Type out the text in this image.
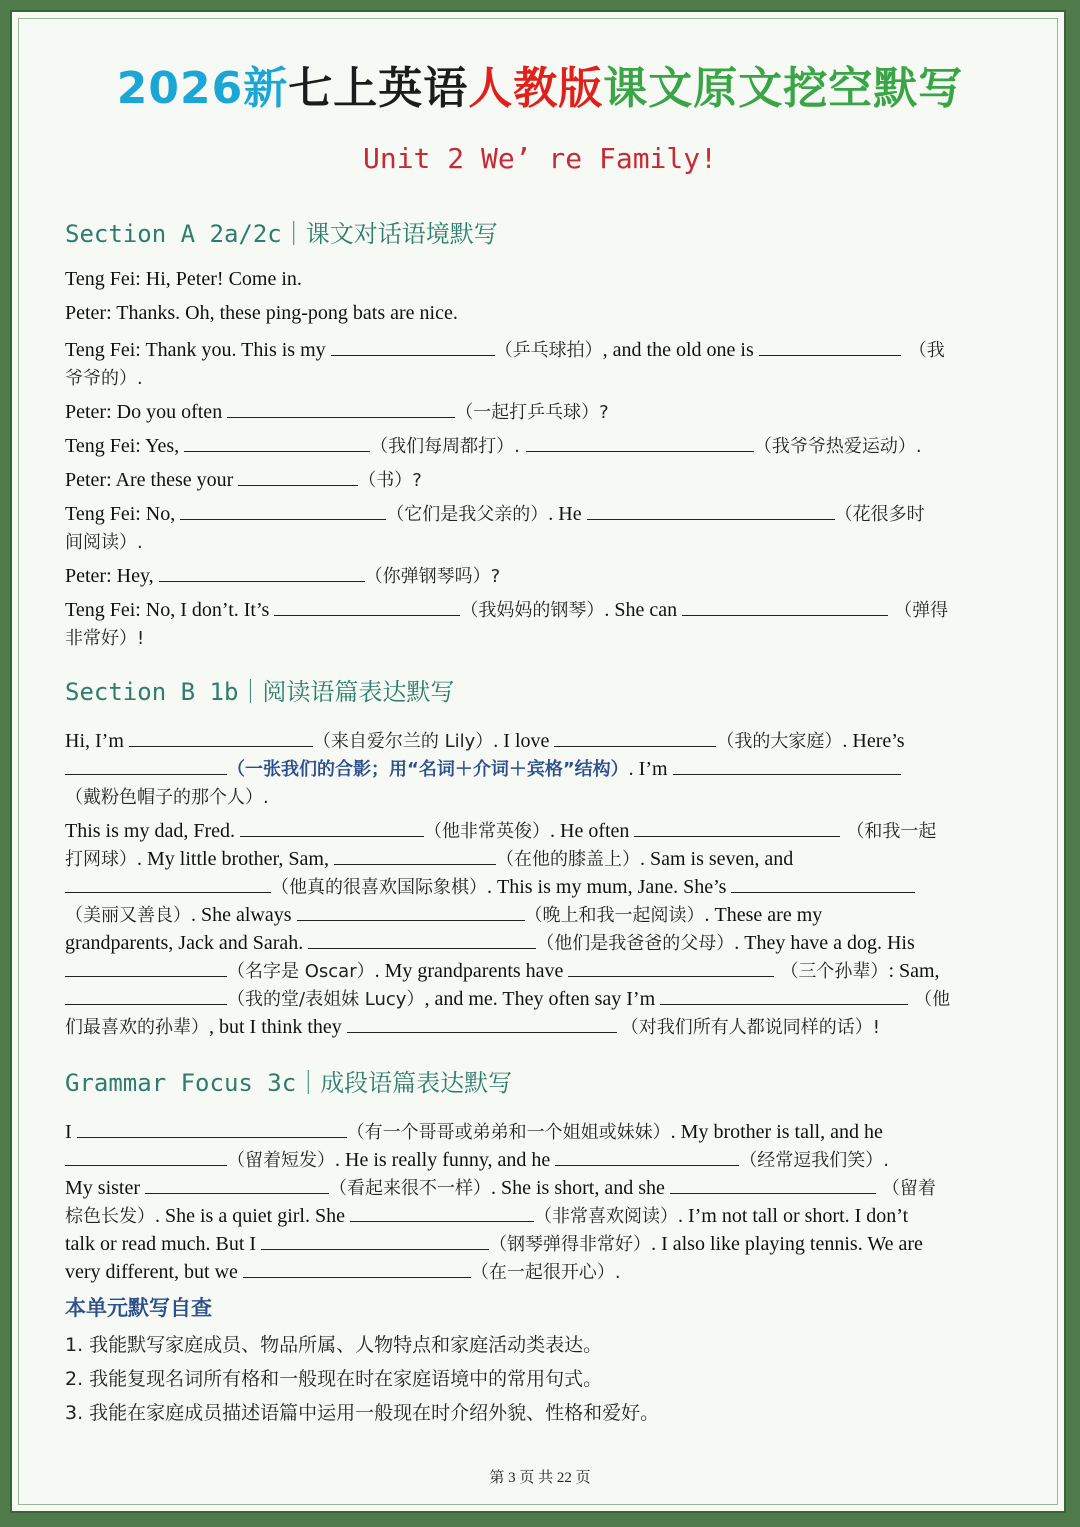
2026新七上英语人教版课文原文挖空默写
Unit 2 We’ re Family!
Section A 2a/2c｜课文对话语境默写
Teng Fei: Hi, Peter! Come in.
Peter: Thanks. Oh, these ping-pong bats are nice.
Teng Fei: Thank you. This is my	（乒乓球拍）, and the old one is	（我
爷爷的）.
Peter: Do you often	（一起打乒乓球）?
Teng Fei: Yes,	（我们每周都打）.	（我爷爷热爱运动）.
Peter: Are these your	（书）?
Teng Fei: No,	（它们是我父亲的）. He	（花很多时
间阅读）.
Peter: Hey,	（你弹钢琴吗）?
Teng Fei: No, I don’t. It’s	（我妈妈的钢琴）. She can	（弹得
非常好）!
Section B 1b｜阅读语篇表达默写
Hi, I’m	（来自爱尔兰的 Lily）. I love	（我的大家庭）. Here’s
（一张我们的合影；用“名词＋介词＋宾格”结构）. I’m
（戴粉色帽子的那个人）.
This is my dad, Fred.	（他非常英俊）. He often	（和我一起
打网球）. My little brother, Sam,	（在他的膝盖上）. Sam is seven, and
（他真的很喜欢国际象棋）. This is my mum, Jane. She’s
（美丽又善良）. She always	（晚上和我一起阅读）. These are my
grandparents, Jack and Sarah.	（他们是我爸爸的父母）. They have a dog. His
（名字是 Oscar）. My grandparents have	（三个孙辈）: Sam,
（我的堂/表姐妹 Lucy）, and me. They often say I’m	（他
们最喜欢的孙辈）, but I think they	（对我们所有人都说同样的话）!
Grammar Focus 3c｜成段语篇表达默写
I	（有一个哥哥或弟弟和一个姐姐或妹妹）. My brother is tall, and he
（留着短发）. He is really funny, and he	（经常逗我们笑）.
My sister	（看起来很不一样）. She is short, and she	（留着
棕色长发）. She is a quiet girl. She	（非常喜欢阅读）. I’m not tall or short. I don’t
talk or read much. But I	（钢琴弹得非常好）. I also like playing tennis. We are
very different, but we	（在一起很开心）.
本单元默写自查
1. 我能默写家庭成员、物品所属、人物特点和家庭活动类表达。
2. 我能复现名词所有格和一般现在时在家庭语境中的常用句式。
3. 我能在家庭成员描述语篇中运用一般现在时介绍外貌、性格和爱好。
第 3 页 共 22 页
